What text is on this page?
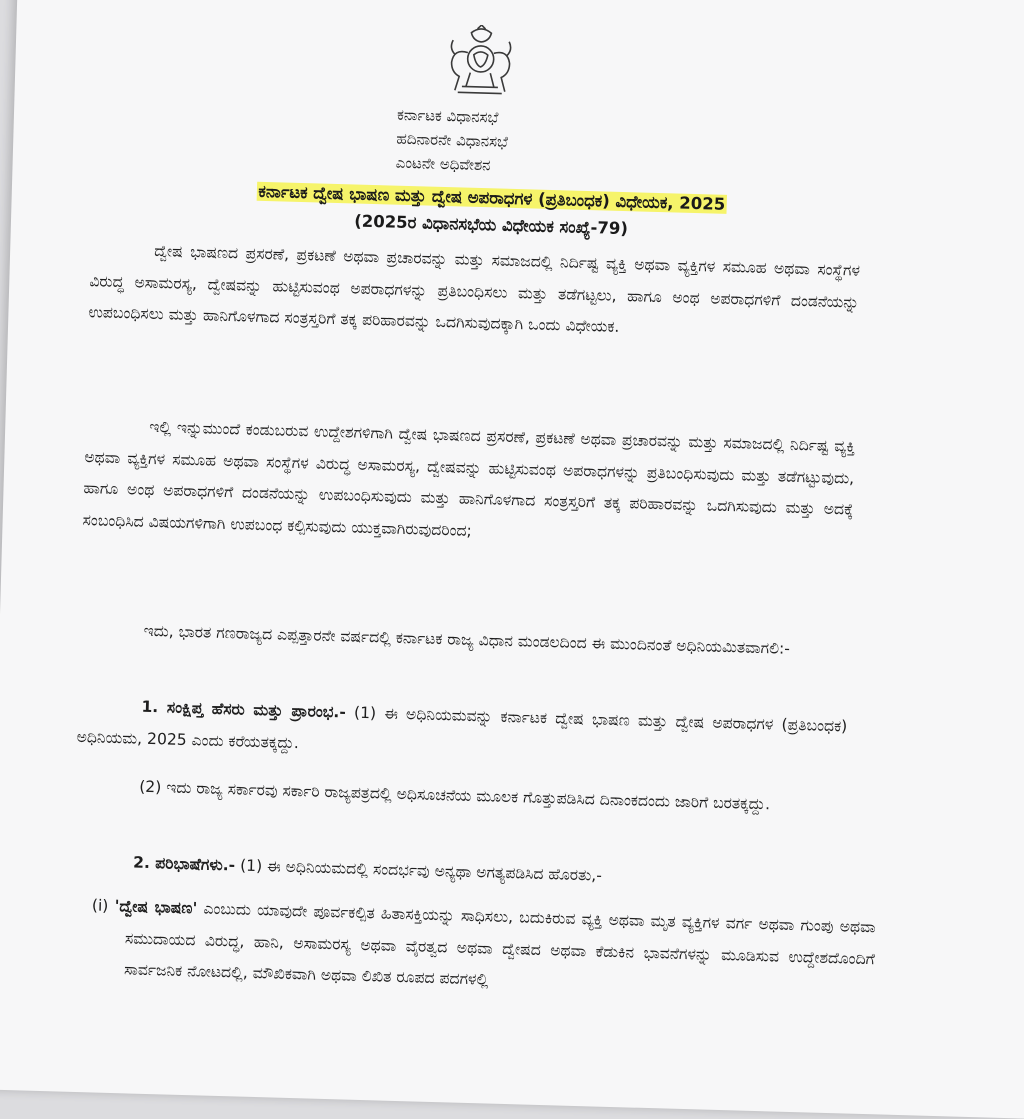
ಕರ್ನಾಟಕ ವಿಧಾನಸಭೆ
ಹದಿನಾರನೇ ವಿಧಾನಸಭೆ
ಎಂಟನೇ ಅಧಿವೇಶನ
ಕರ್ನಾಟಕ ದ್ವೇಷ ಭಾಷಣ ಮತ್ತು ದ್ವೇಷ ಅಪರಾಧಗಳ (ಪ್ರತಿಬಂಧಕ) ವಿಧೇಯಕ, 2025
(2025ರ ವಿಧಾನಸಭೆಯ ವಿಧೇಯಕ ಸಂಖ್ಯೆ-79)
ದ್ವೇಷ ಭಾಷಣದ ಪ್ರಸರಣೆ, ಪ್ರಕಟಣೆ ಅಥವಾ ಪ್ರಚಾರವನ್ನು ಮತ್ತು ಸಮಾಜದಲ್ಲಿ ನಿರ್ದಿಷ್ಟ ವ್ಯಕ್ತಿ ಅಥವಾ ವ್ಯಕ್ತಿಗಳ ಸಮೂಹ ಅಥವಾ ಸಂಸ್ಥೆಗಳ ವಿರುದ್ಧ ಅಸಾಮರಸ್ಯ, ದ್ವೇಷವನ್ನು ಹುಟ್ಟಿಸುವಂಥ ಅಪರಾಧಗಳನ್ನು ಪ್ರತಿಬಂಧಿಸಲು ಮತ್ತು ತಡೆಗಟ್ಟಲು, ಹಾಗೂ ಅಂಥ ಅಪರಾಧಗಳಿಗೆ ದಂಡನೆಯನ್ನು ಉಪಬಂಧಿಸಲು ಮತ್ತು ಹಾನಿಗೊಳಗಾದ ಸಂತ್ರಸ್ತರಿಗೆ ತಕ್ಕ ಪರಿಹಾರವನ್ನು ಒದಗಿಸುವುದಕ್ಕಾಗಿ ಒಂದು ವಿಧೇಯಕ.
ಇಲ್ಲಿ ಇನ್ನುಮುಂದೆ ಕಂಡುಬರುವ ಉದ್ದೇಶಗಳಿಗಾಗಿ ದ್ವೇಷ ಭಾಷಣದ ಪ್ರಸರಣೆ, ಪ್ರಕಟಣೆ ಅಥವಾ ಪ್ರಚಾರವನ್ನು ಮತ್ತು ಸಮಾಜದಲ್ಲಿ ನಿರ್ದಿಷ್ಟ ವ್ಯಕ್ತಿ ಅಥವಾ ವ್ಯಕ್ತಿಗಳ ಸಮೂಹ ಅಥವಾ ಸಂಸ್ಥೆಗಳ ವಿರುದ್ಧ ಅಸಾಮರಸ್ಯ, ದ್ವೇಷವನ್ನು ಹುಟ್ಟಿಸುವಂಥ ಅಪರಾಧಗಳನ್ನು ಪ್ರತಿಬಂಧಿಸುವುದು ಮತ್ತು ತಡೆಗಟ್ಟುವುದು, ಹಾಗೂ ಅಂಥ ಅಪರಾಧಗಳಿಗೆ ದಂಡನೆಯನ್ನು ಉಪಬಂಧಿಸುವುದು ಮತ್ತು ಹಾನಿಗೊಳಗಾದ ಸಂತ್ರಸ್ತರಿಗೆ ತಕ್ಕ ಪರಿಹಾರವನ್ನು ಒದಗಿಸುವುದು ಮತ್ತು ಅದಕ್ಕೆ ಸಂಬಂಧಿಸಿದ ವಿಷಯಗಳಿಗಾಗಿ ಉಪಬಂಧ ಕಲ್ಪಿಸುವುದು ಯುಕ್ತವಾಗಿರುವುದರಿಂದ;
ಇದು, ಭಾರತ ಗಣರಾಜ್ಯದ ಎಪ್ಪತ್ತಾರನೇ ವರ್ಷದಲ್ಲಿ ಕರ್ನಾಟಕ ರಾಜ್ಯ ವಿಧಾನ ಮಂಡಲದಿಂದ ಈ ಮುಂದಿನಂತೆ ಅಧಿನಿಯಮಿತವಾಗಲಿ:-
1. ಸಂಕ್ಷಿಪ್ತ ಹೆಸರು ಮತ್ತು ಪ್ರಾರಂಭ.- (1) ಈ ಅಧಿನಿಯಮವನ್ನು ಕರ್ನಾಟಕ ದ್ವೇಷ ಭಾಷಣ ಮತ್ತು ದ್ವೇಷ ಅಪರಾಧಗಳ (ಪ್ರತಿಬಂಧಕ) ಅಧಿನಿಯಮ, 2025 ಎಂದು ಕರೆಯತಕ್ಕದ್ದು.
(2) ಇದು ರಾಜ್ಯ ಸರ್ಕಾರವು ಸರ್ಕಾರಿ ರಾಜ್ಯಪತ್ರದಲ್ಲಿ ಅಧಿಸೂಚನೆಯ ಮೂಲಕ ಗೊತ್ತುಪಡಿಸಿದ ದಿನಾಂಕದಂದು ಜಾರಿಗೆ ಬರತಕ್ಕದ್ದು.
2. ಪರಿಭಾಷೆಗಳು.- (1) ಈ ಅಧಿನಿಯಮದಲ್ಲಿ ಸಂದರ್ಭವು ಅನ್ಯಥಾ ಅಗತ್ಯಪಡಿಸಿದ ಹೊರತು,-
(i) 'ದ್ವೇಷ ಭಾಷಣ' ಎಂಬುದು ಯಾವುದೇ ಪೂರ್ವಕಲ್ಪಿತ ಹಿತಾಸಕ್ತಿಯನ್ನು ಸಾಧಿಸಲು, ಬದುಕಿರುವ ವ್ಯಕ್ತಿ ಅಥವಾ ಮೃತ ವ್ಯಕ್ತಿಗಳ ವರ್ಗ ಅಥವಾ ಗುಂಪು ಅಥವಾ ಸಮುದಾಯದ ವಿರುದ್ಧ, ಹಾನಿ, ಅಸಾಮರಸ್ಯ ಅಥವಾ ವೈರತ್ವದ ಅಥವಾ ದ್ವೇಷದ ಅಥವಾ ಕೆಡುಕಿನ ಭಾವನೆಗಳನ್ನು ಮೂಡಿಸುವ ಉದ್ದೇಶದೊಂದಿಗೆ ಸಾರ್ವಜನಿಕ ನೋಟದಲ್ಲಿ, ಮೌಖಿಕವಾಗಿ ಅಥವಾ ಲಿಖಿತ ರೂಪದ ಪದಗಳಲ್ಲಿ
